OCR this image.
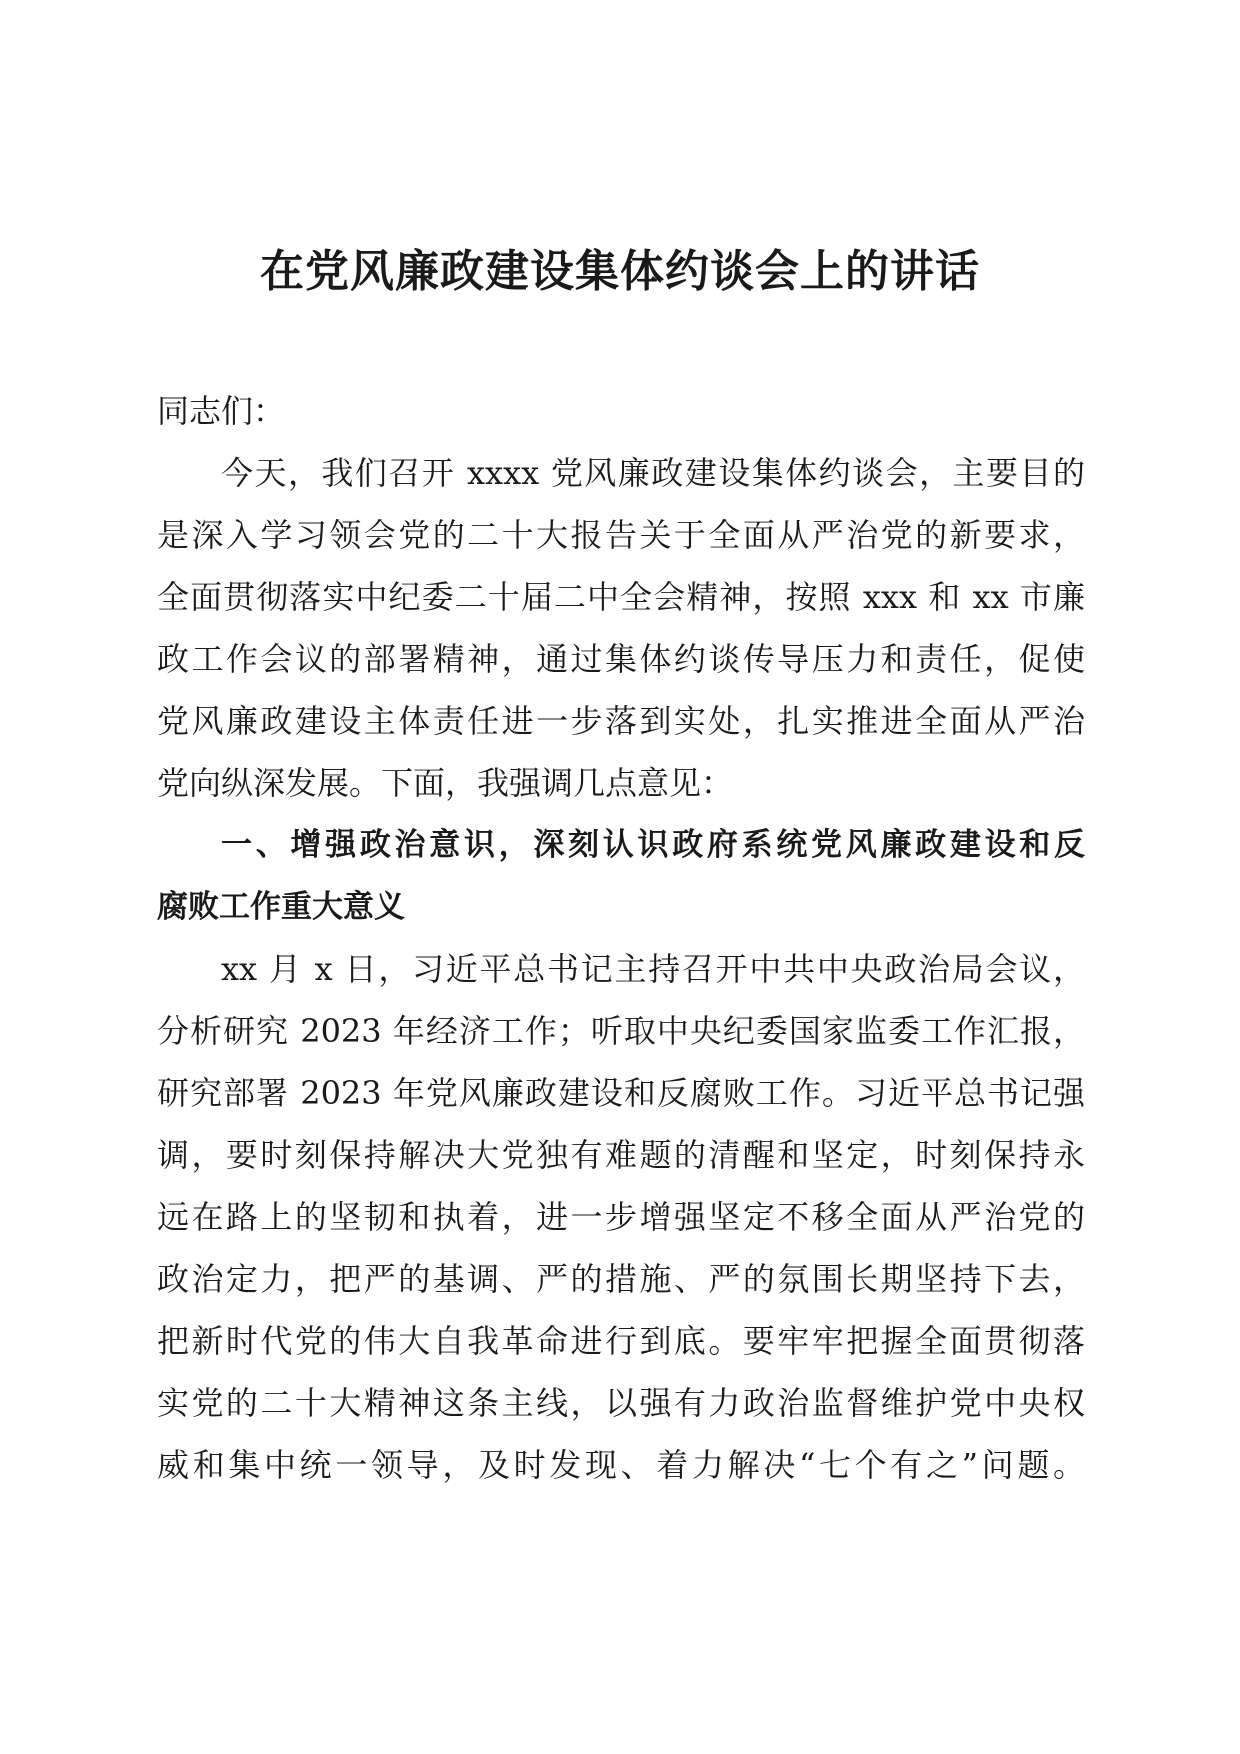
在党风廉政建设集体约谈会上的讲话
同志们：
今天，我们召开 xxxx 党风廉政建设集体约谈会，主要目的
是深入学习领会党的二十大报告关于全面从严治党的新要求，
全面贯彻落实中纪委二十届二中全会精神，按照 xxx 和 xx 市廉
政工作会议的部署精神，通过集体约谈传导压力和责任，促使
党风廉政建设主体责任进一步落到实处，扎实推进全面从严治
党向纵深发展。下面，我强调几点意见：
一、增强政治意识，深刻认识政府系统党风廉政建设和反
腐败工作重大意义
xx 月 x 日，习近平总书记主持召开中共中央政治局会议，
分析研究 2023 年经济工作；听取中央纪委国家监委工作汇报，
研究部署 2023 年党风廉政建设和反腐败工作。习近平总书记强
调，要时刻保持解决大党独有难题的清醒和坚定，时刻保持永
远在路上的坚韧和执着，进一步增强坚定不移全面从严治党的
政治定力，把严的基调、严的措施、严的氛围长期坚持下去，
把新时代党的伟大自我革命进行到底。要牢牢把握全面贯彻落
实党的二十大精神这条主线，以强有力政治监督维护党中央权
威和集中统一领导，及时发现、着力解决“七个有之”问题。
